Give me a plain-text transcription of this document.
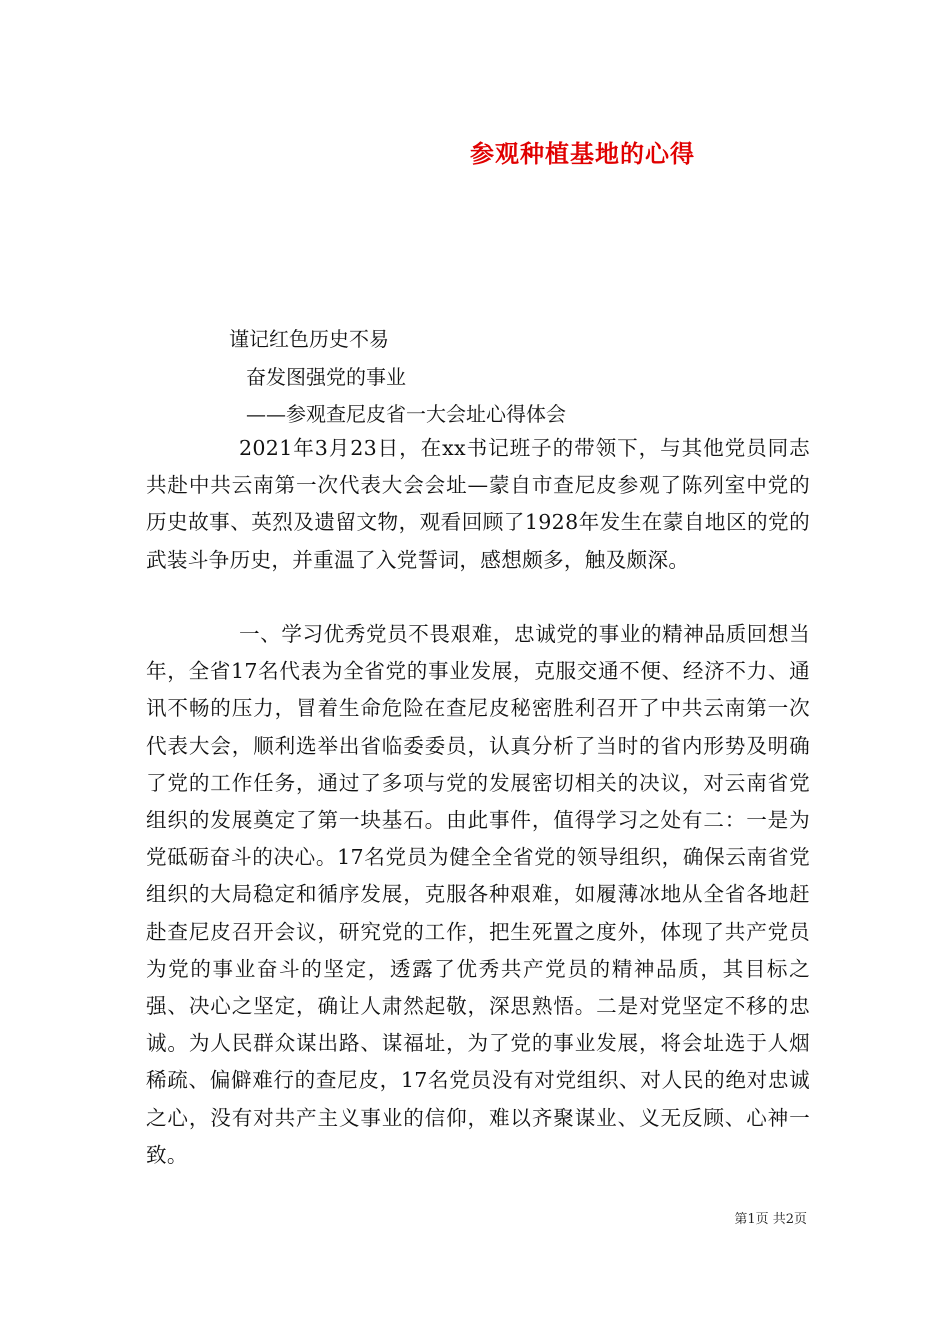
参观种植基地的心得

谨记红色历史不易

奋发图强党的事业

——参观查尼皮省一大会址心得体会

2021年3月23日，在xx书记班子的带领下，与其他党员同志共赴中共云南第一次代表大会会址—蒙自市查尼皮参观了陈列室中党的历史故事、英烈及遗留文物，观看回顾了1928年发生在蒙自地区的党的武装斗争历史，并重温了入党誓词，感想颇多，触及颇深。

一、学习优秀党员不畏艰难，忠诚党的事业的精神品质回想当年，全省17名代表为全省党的事业发展，克服交通不便、经济不力、通讯不畅的压力，冒着生命危险在查尼皮秘密胜利召开了中共云南第一次代表大会，顺利选举出省临委委员，认真分析了当时的省内形势及明确了党的工作任务，通过了多项与党的发展密切相关的决议，对云南省党组织的发展奠定了第一块基石。由此事件，值得学习之处有二：一是为党砥砺奋斗的决心。17名党员为健全全省党的领导组织，确保云南省党组织的大局稳定和循序发展，克服各种艰难，如履薄冰地从全省各地赶赴查尼皮召开会议，研究党的工作，把生死置之度外，体现了共产党员为党的事业奋斗的坚定，透露了优秀共产党员的精神品质，其目标之强、决心之坚定，确让人肃然起敬，深思熟悟。二是对党坚定不移的忠诚。为人民群众谋出路、谋福址，为了党的事业发展，将会址选于人烟稀疏、偏僻难行的查尼皮，17名党员没有对党组织、对人民的绝对忠诚之心，没有对共产主义事业的信仰，难以齐聚谋业、义无反顾、心神一致。

第1页 共2页
